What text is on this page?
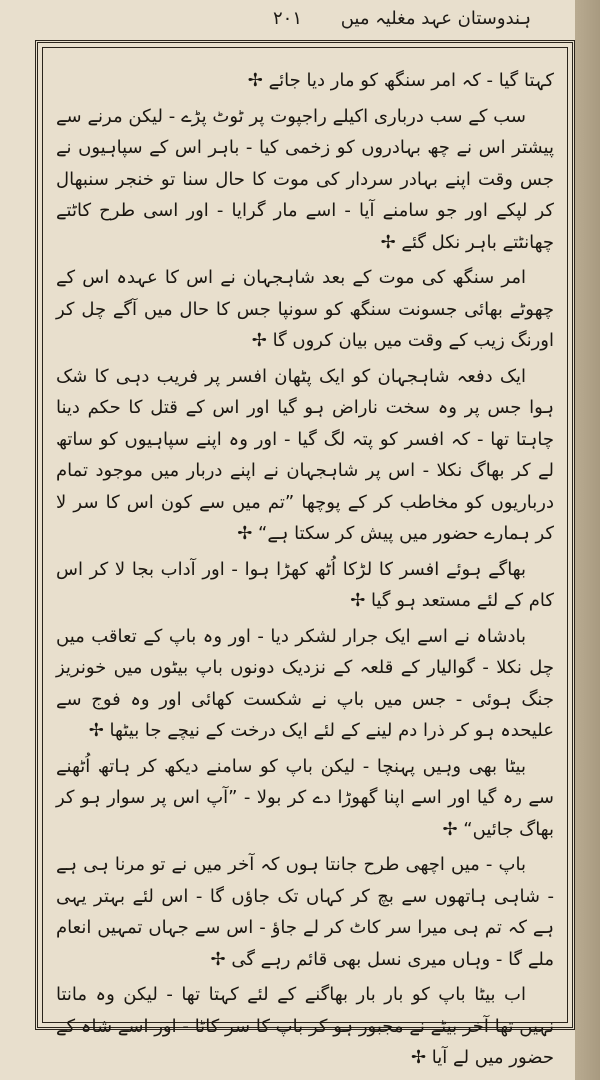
ہندوستان عہد مغلیہ میں
۲۰۱

کہتا گیا - کہ امر سنگھ کو مار دیا جائے ✢

سب کے سب درباری اکیلے راجپوت پر ٹوٹ پڑے - لیکن مرنے سے پیشتر اس نے چھ بہادروں کو زخمی کیا - باہر اس کے سپاہیوں نے جس وقت اپنے بہادر سردار کی موت کا حال سنا تو خنجر سنبھال کر لپکے اور جو سامنے آیا - اسے مار گرایا - اور اسی طرح کاٹتے چھانٹتے باہر نکل گئے ✢

امر سنگھ کی موت کے بعد شاہجہان نے اس کا عہدہ اس کے چھوٹے بھائی جسونت سنگھ کو سونپا جس کا حال میں آگے چل کر اورنگ زیب کے وقت میں بیان کروں گا ✢

ایک دفعہ شاہجہان کو ایک پٹھان افسر پر فریب دہی کا شک ہوا جس پر وہ سخت ناراض ہو گیا اور اس کے قتل کا حکم دینا چاہتا تھا - کہ افسر کو پتہ لگ گیا - اور وہ اپنے سپاہیوں کو ساتھ لے کر بھاگ نکلا - اس پر شاہجہان نے اپنے دربار میں موجود تمام درباریوں کو مخاطب کر کے پوچھا ”تم میں سے کون اس کا سر لا کر ہمارے حضور میں پیش کر سکتا ہے“ ✢

بھاگے ہوئے افسر کا لڑکا اُٹھ کھڑا ہوا - اور آداب بجا لا کر اس کام کے لئے مستعد ہو گیا ✢

بادشاہ نے اسے ایک جرار لشکر دیا - اور وہ باپ کے تعاقب میں چل نکلا - گوالیار کے قلعہ کے نزدیک دونوں باپ بیٹوں میں خونریز جنگ ہوئی - جس میں باپ نے شکست کھائی اور وہ فوج سے علیحدہ ہو کر ذرا دم لینے کے لئے ایک درخت کے نیچے جا بیٹھا ✢

بیٹا بھی وہیں پہنچا - لیکن باپ کو سامنے دیکھ کر ہاتھ اُٹھنے سے رہ گیا اور اسے اپنا گھوڑا دے کر بولا - ”آپ اس پر سوار ہو کر بھاگ جائیں“ ✢

باپ - میں اچھی طرح جانتا ہوں کہ آخر میں نے تو مرنا ہی ہے - شاہی ہاتھوں سے بچ کر کہاں تک جاؤں گا - اس لئے بہتر یہی ہے کہ تم ہی میرا سر کاٹ کر لے جاؤ - اس سے جہاں تمہیں انعام ملے گا - وہاں میری نسل بھی قائم رہے گی ✢

اب بیٹا باپ کو بار بار بھاگنے کے لئے کہتا تھا - لیکن وہ مانتا نہیں تھا آخر بیٹے نے مجبور ہو کر باپ کا سر کاٹا - اور اسے شاہ کے حضور میں لے آیا ✢
